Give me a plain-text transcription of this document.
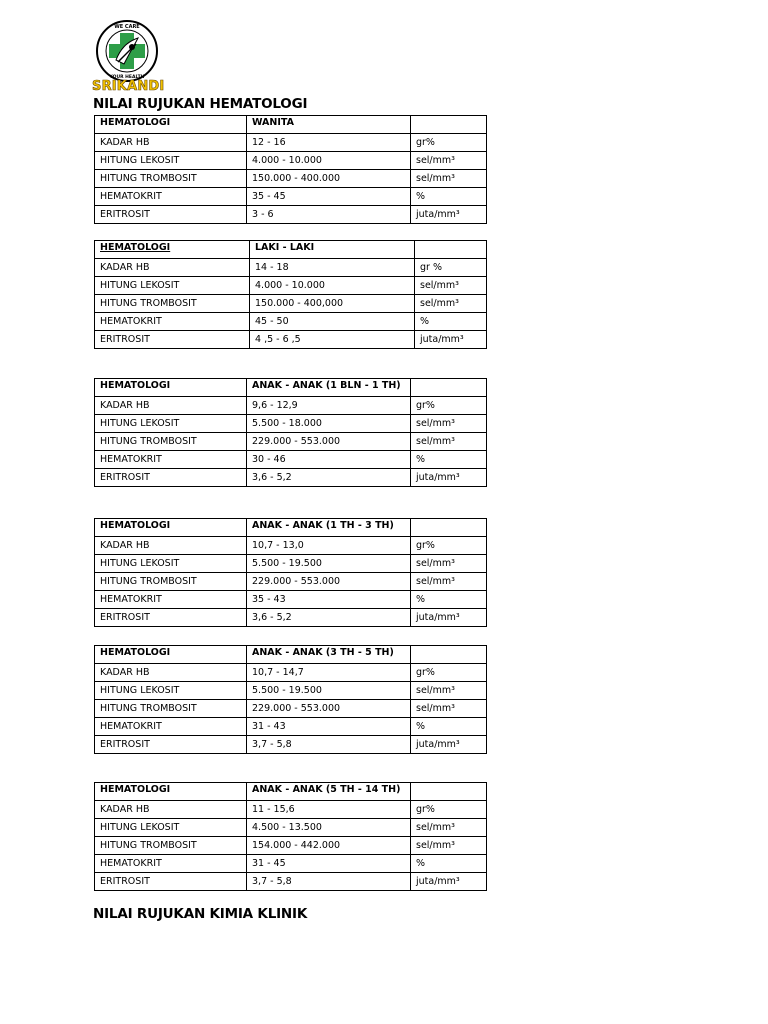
WE CARE
YOUR HEALTH
SRIKANDI
NILAI RUJUKAN HEMATOLOGI
HEMATOLOGI	WANITA	
KADAR HB	12 - 16	gr%
HITUNG LEKOSIT	4.000 - 10.000	sel/mm³
HITUNG TROMBOSIT	150.000 - 400.000	sel/mm³
HEMATOKRIT	35 - 45	%
ERITROSIT	3 - 6	juta/mm³
HEMATOLOGI	LAKI - LAKI	
KADAR HB	14 - 18	gr %
HITUNG LEKOSIT	4.000 - 10.000	sel/mm³
HITUNG TROMBOSIT	150.000 - 400,000	sel/mm³
HEMATOKRIT	45 - 50	%
ERITROSIT	4 ,5 - 6 ,5	juta/mm³
HEMATOLOGI	ANAK - ANAK (1 BLN - 1 TH)	
KADAR HB	9,6 - 12,9	gr%
HITUNG LEKOSIT	5.500 - 18.000	sel/mm³
HITUNG TROMBOSIT	229.000 - 553.000	sel/mm³
HEMATOKRIT	30 - 46	%
ERITROSIT	3,6 - 5,2	juta/mm³
HEMATOLOGI	ANAK - ANAK (1 TH - 3 TH)	
KADAR HB	10,7 - 13,0	gr%
HITUNG LEKOSIT	5.500 - 19.500	sel/mm³
HITUNG TROMBOSIT	229.000 - 553.000	sel/mm³
HEMATOKRIT	35 - 43	%
ERITROSIT	3,6 - 5,2	juta/mm³
HEMATOLOGI	ANAK - ANAK (3 TH - 5 TH)	
KADAR HB	10,7 - 14,7	gr%
HITUNG LEKOSIT	5.500 - 19.500	sel/mm³
HITUNG TROMBOSIT	229.000 - 553.000	sel/mm³
HEMATOKRIT	31 - 43	%
ERITROSIT	3,7 - 5,8	juta/mm³
HEMATOLOGI	ANAK - ANAK (5 TH - 14 TH)	
KADAR HB	11 - 15,6	gr%
HITUNG LEKOSIT	4.500 - 13.500	sel/mm³
HITUNG TROMBOSIT	154.000 - 442.000	sel/mm³
HEMATOKRIT	31 - 45	%
ERITROSIT	3,7 - 5,8	juta/mm³
NILAI RUJUKAN KIMIA KLINIK
